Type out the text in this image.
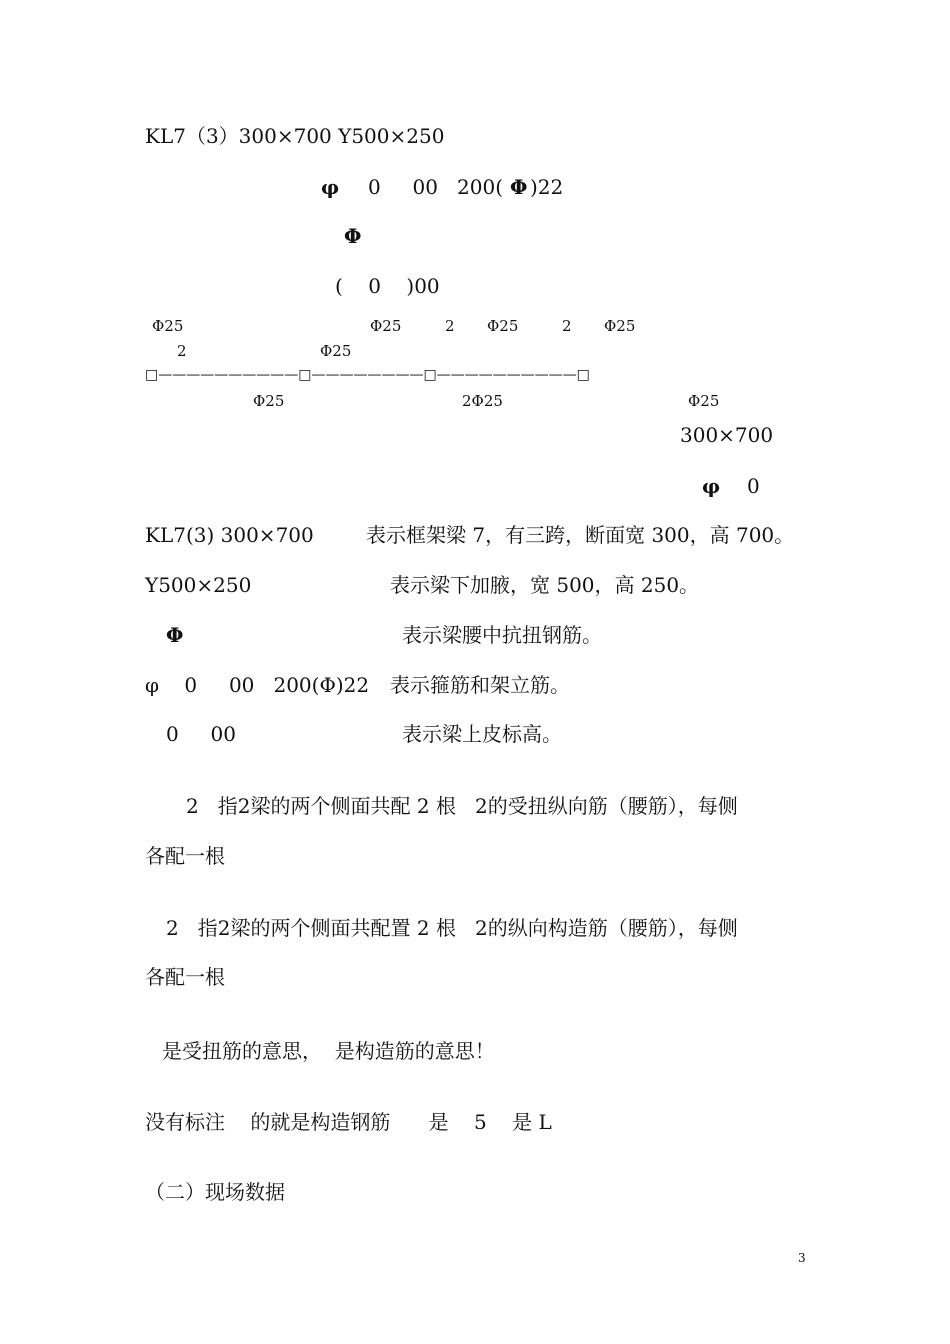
KL7（3）300×700 Y500×250
φ 0     00   200( Φ )22
Φ
(    0    )00
Φ25	Φ25	2 Φ25	2 Φ25
2	Φ25
□——————————□————————□——————————□
Φ25	2Φ25	Φ25
300×700
φ 0
KL7(3) 300×700	表示框架梁 7，有三跨，断面宽 300，高 700。
Y500×250	表示梁下加腋，宽 500，高 250。
Φ	表示梁腰中抗扭钢筋。
φ    0     00   200(Φ)22 表示箍筋和架立筋。
0     00	表示梁上皮标高。
2   指2梁的两个侧面共配 2 根   2的受扭纵向筋（腰筋），每侧
各配一根
2   指2梁的两个侧面共配置 2 根   2的纵向构造筋（腰筋），每侧
各配一根
是受扭筋的意思，  是构造筋的意思！
没有标注    的就是构造钢筋      是    5    是 L
（二）现场数据
3
